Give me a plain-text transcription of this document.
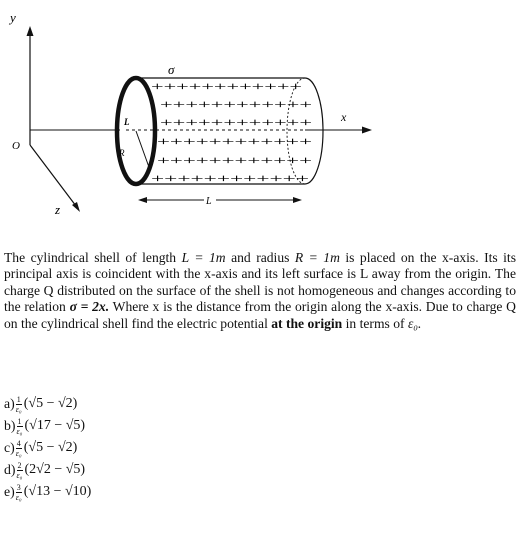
y
z
O
x
R
L
σ
++++++++++++
++++++++++++
++++++++++++
++++++++++++
++++++++++++
++++++++++++
L

The cylindrical shell of length L = 1m and radius R = 1m is placed on the x-axis. Its its principal axis is coincident with the x-axis and its left surface is L away from the origin. The charge Q distributed on the surface of the shell is not homogeneous and changes according to the relation σ = 2x. Where x is the distance from the origin along the x-axis. Due to charge Q on the cylindrical shell find the electric potential at the origin in terms of ε₀.

$a) \frac{1}{\text{ε₀}} (√5 - √2)$
$b) \frac{1}{\text{ε₀}} (√17 - √5)$
$c) \frac{4}{\text{ε₀}} (√5 - √2)$
$d) \frac{2}{\text{ε₀}} (2√2 - √5)$
$e) \frac{3}{\text{ε₀}} (√13 - √10)$
